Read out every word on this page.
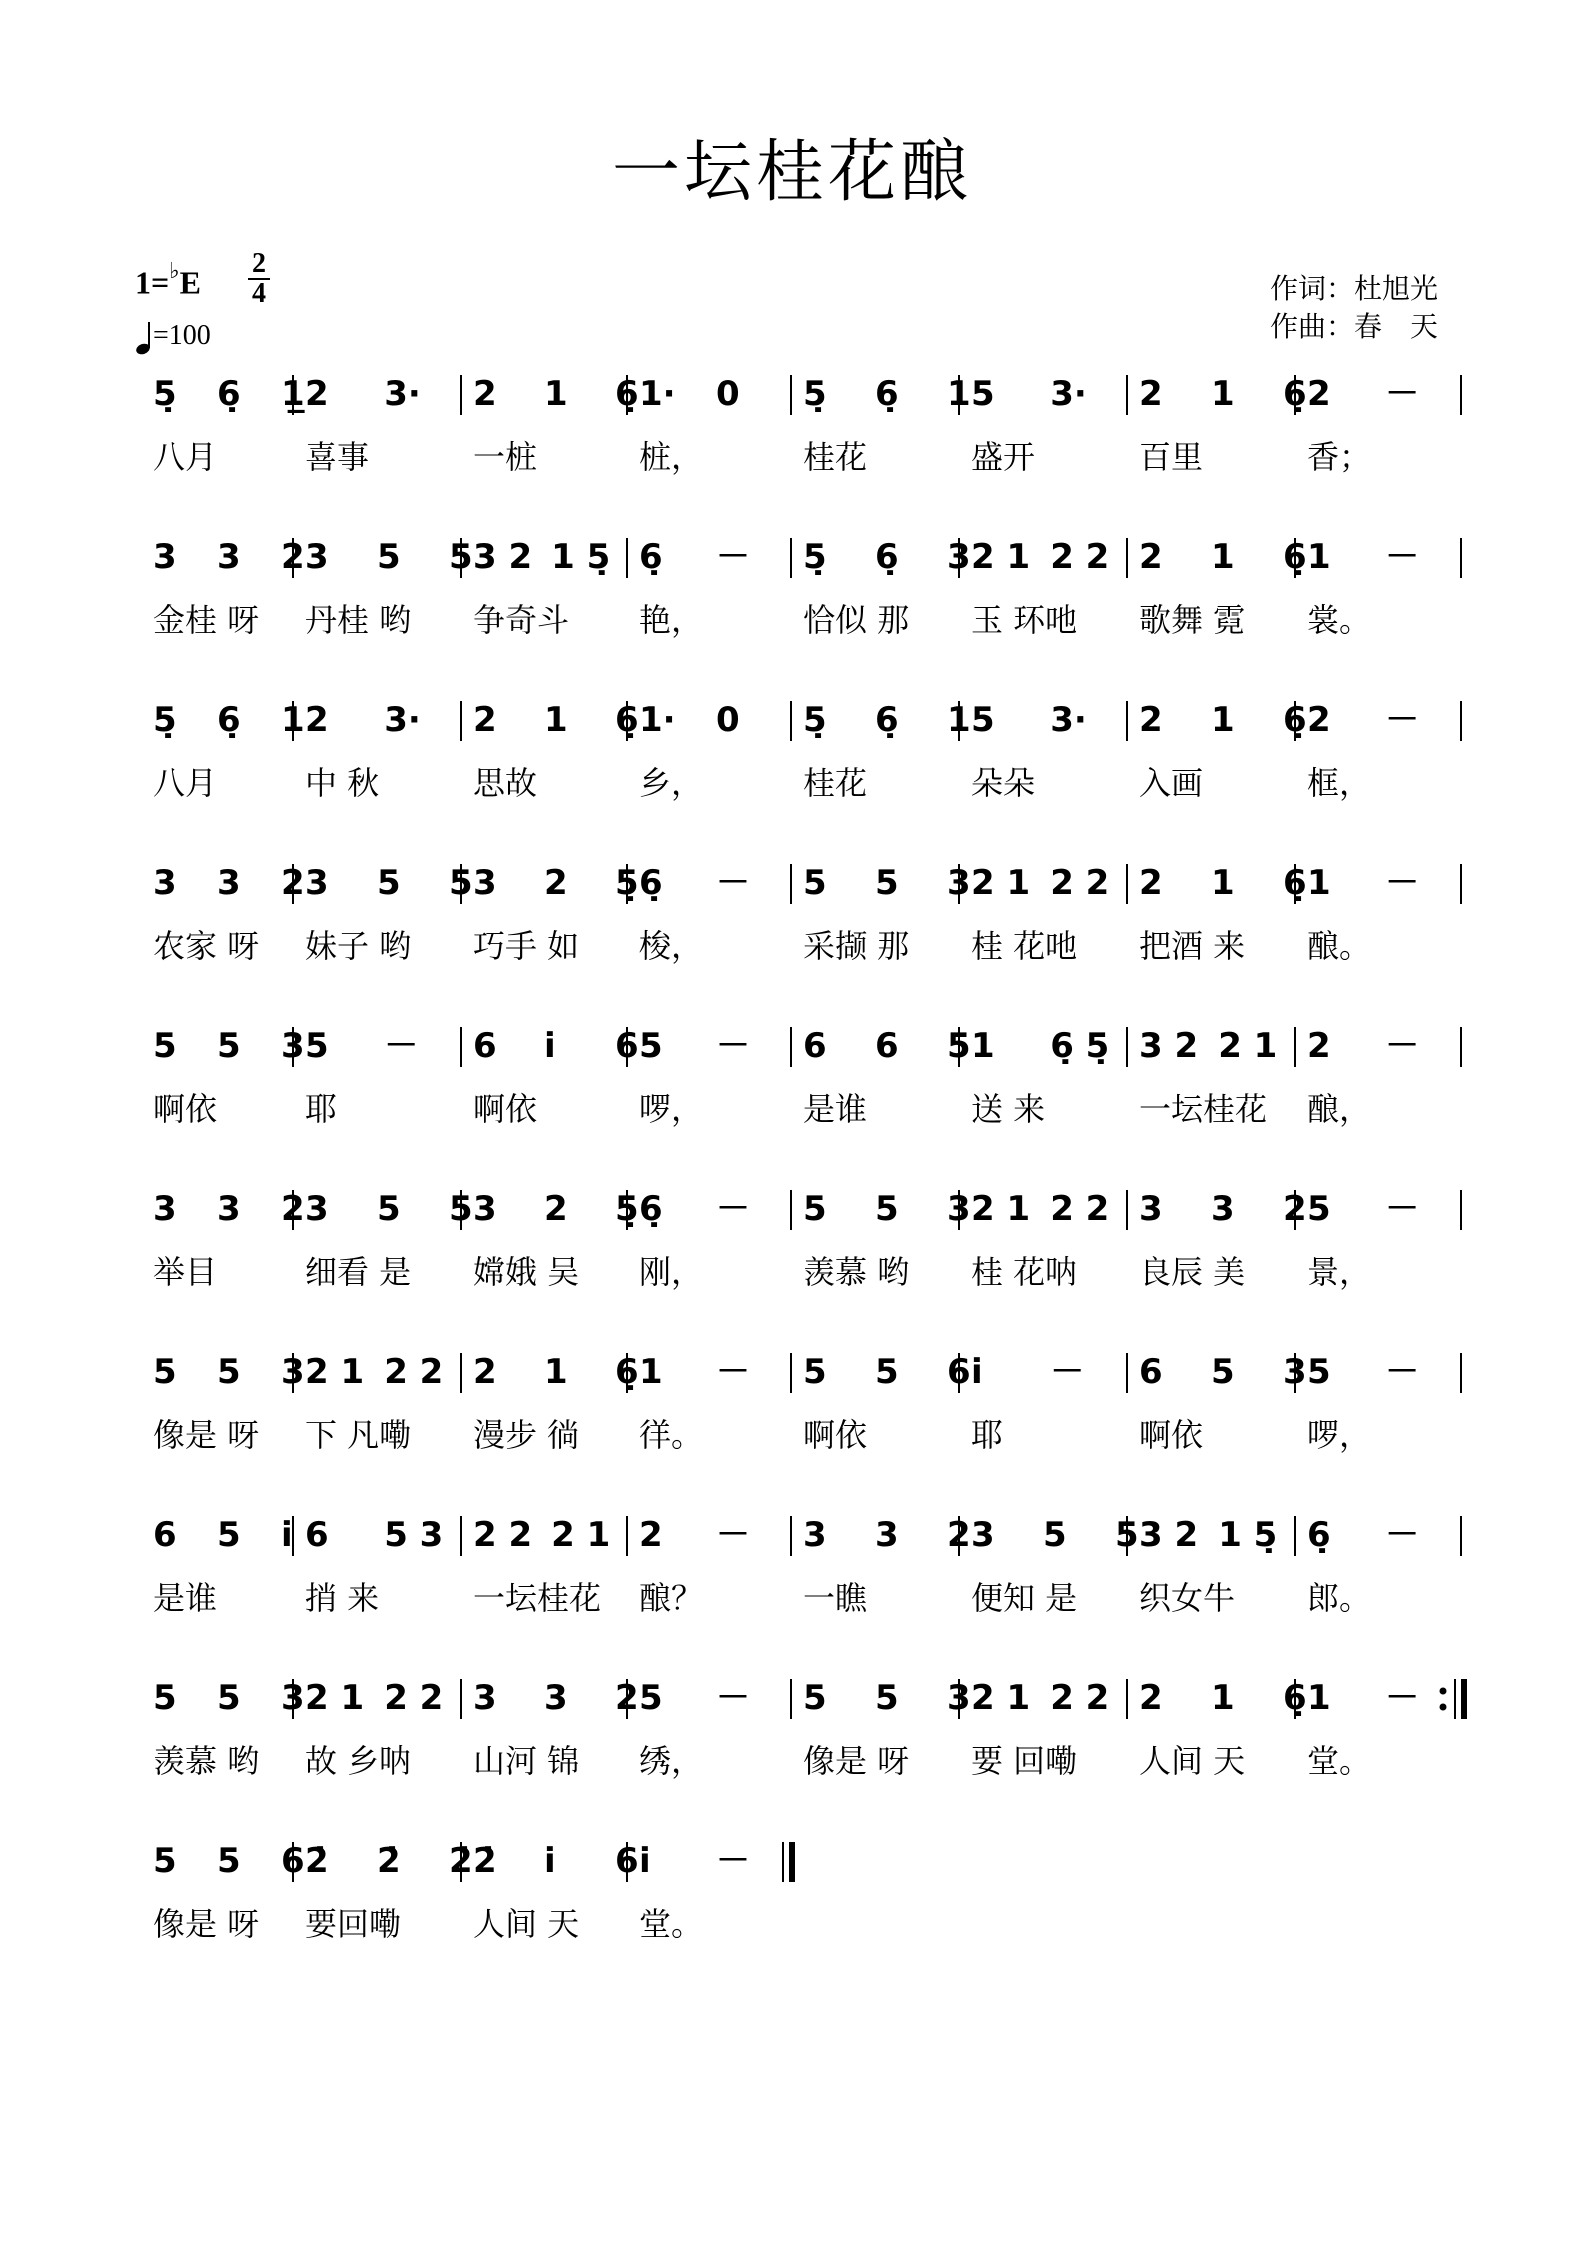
一坛桂花酿
1=♭E
2
4
=100
作词：杜旭光
作曲：春　天
5̣ 6̣ 1̲
八月
2 3·
喜事
2 1 6̣
一桩
1· 0
桩，
5̣ 6̣ 1
桂花
5 3·
盛开
2 1 6̣
百里
2 －
香；
3 3 2
金桂 呀
3 5 5
丹桂 哟
3 2 1 5̣
争奇斗
6̣ －
艳，
5̣ 6̣ 3
恰似 那
2 1 2 2
玉 环吔
2 1 6̣
歌舞 霓
1 －
裳。
5̣ 6̣ 1
八月
2 3·
中 秋
2 1 6̣
思故
1· 0
乡，
5̣ 6̣ 1
桂花
5 3·
朵朵
2 1 6̣
入画
2 －
框，
3 3 2
农家 呀
3 5 5
妹子 哟
3 2 5̣
巧手 如
6̣ －
梭，
5 5 3
采撷 那
2 1 2 2
桂 花吔
2 1 6̣
把酒 来
1 －
酿。
5 5 3
啊依
5 －
耶
6 i̇ 6
啊依
5 －
啰，
6 6 5
是谁
1 6̣ 5̣
送 来
3 2 2 1
一坛桂花
2 －
酿，
3 3 2
举目
3 5 5
细看 是
3 2 5̣
嫦娥 吴
6̣ －
刚，
5 5 3
羡慕 哟
2 1 2 2
桂 花呐
3 3 2
良辰 美
5 －
景，
5 5 3
像是 呀
2 1 2 2
下 凡嘞
2 1 6̣
漫步 徜
1 －
徉。
5 5 6
啊依
i̇ －
耶
6 5 3
啊依
5 －
啰，
6 5 i̇
是谁
6 5 3
捎 来
2 2 2 1
一坛桂花
2 －
酿？
3 3 2
一瞧
3 5 5
便知 是
3 2 1 5̣
织女牛
6̣ －
郎。
5 5 3
羡慕 哟
2 1 2 2
故 乡呐
3 3 2
山河 锦
5 －
绣，
5 5 3
像是 呀
2 1 2 2
要 回嘞
2 1 6̣
人间 天
1 －
堂。
5 5 6
像是 呀
2̇ 2̇ 2̇
要回嘞
2̇ i̇ 6
人间 天
i̇ －
堂。
